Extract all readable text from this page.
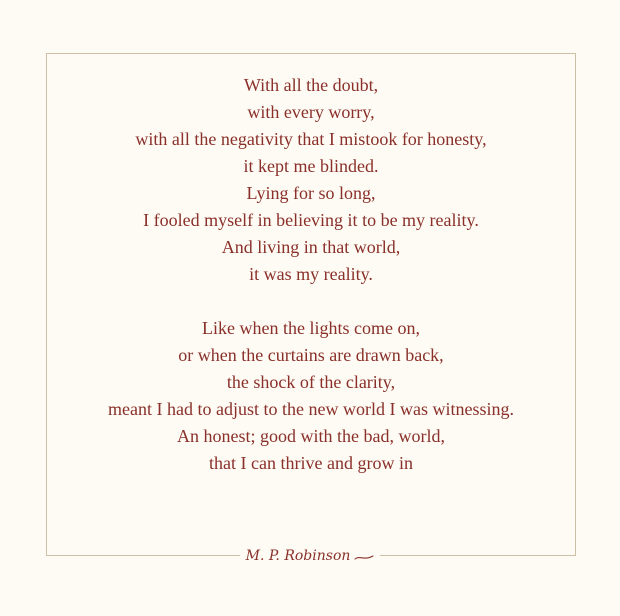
With all the doubt,
with every worry,
with all the negativity that I mistook for honesty,
it kept me blinded.
Lying for so long,
I fooled myself in believing it to be my reality.
And living in that world,
it was my reality.

Like when the lights come on,
or when the curtains are drawn back,
the shock of the clarity,
meant I had to adjust to the new world I was witnessing.
An honest; good with the bad, world,
that I can thrive and grow in

M. P. Robinson
